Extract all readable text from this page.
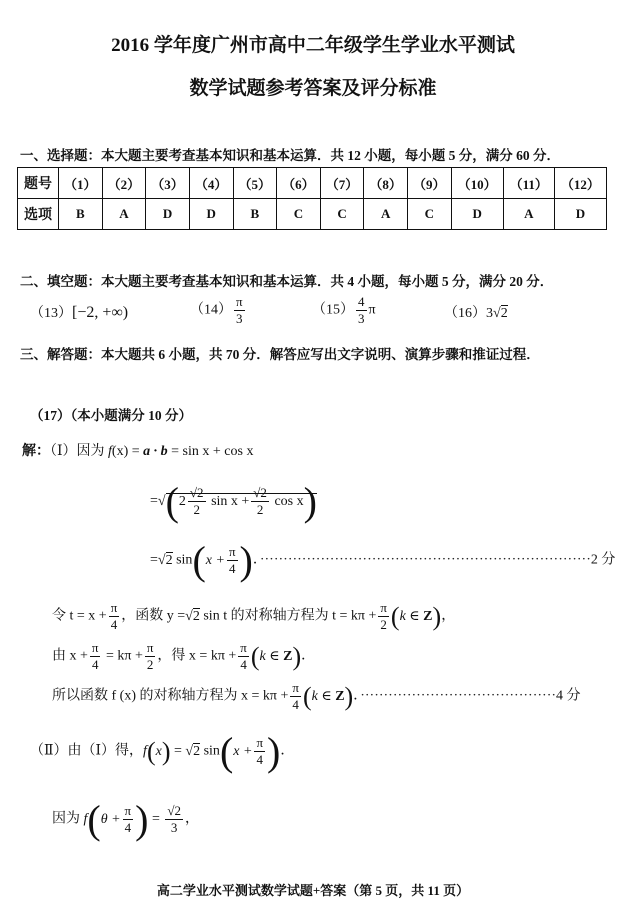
2016 学年度广州市高中二年级学生学业水平测试
数学试题参考答案及评分标准
一、选择题：本大题主要考查基本知识和基本运算．共 12 小题，每小题 5 分，满分 60 分．
题号	（1）	（2）	（3）	（4）	（5）	（6）	（7）	（8）	（9）	（10）	（11）	（12）
选项	B	A	D	D	B	C	C	A	C	D	A	D
二、填空题：本大题主要考查基本知识和基本运算．共 4 小题，每小题 5 分，满分 20 分．
（13）[−2, +∞)	$(14) \frac{\pi}{3}$	$(15) \frac{4}{3}$ π	（16）3 √ 2
三、解答题：本大题共 6 小题，共 70 分．解答应写出文字说明、演算步骤和推证过程．
（17）（本小题满分 10 分）
解：（Ⅰ）因为 f(x) = a · b = sin x + cos x
= √ ( $2 \frac{√2}{2}$ $\sin x + \frac{√2}{2}$ cos x )
= √ 2 sin ( $x + \frac{\pi}{4}$
) ．·······································································2 分
令 $t = x + \frac{\pi}{4}$ ，函数 y = √ 2 sin t 的对称轴方程为 $t = k\pi + \frac{\pi}{2}$ ( k ∈ Z ) ，
由 $x + \frac{\pi}{4} = k\pi + \frac{\pi}{2}$ ，得 $x = k\pi + \frac{\pi}{4}$ ( k ∈ Z ) ．
所以函数 f (x) 的对称轴方程为 $x = k\pi + \frac{\pi}{4}$ ( k ∈ Z ) ．··········································4 分
（Ⅱ）由（Ⅰ）得，f ( x ) = √ 2 sin ( $x + \frac{\pi}{4}$
) ．
因为 f ( $\theta + \frac{\pi}{4}$
) = $\frac{√2}{3}$ ，
高二学业水平测试数学试题+答案（第 5 页，共 11 页）
